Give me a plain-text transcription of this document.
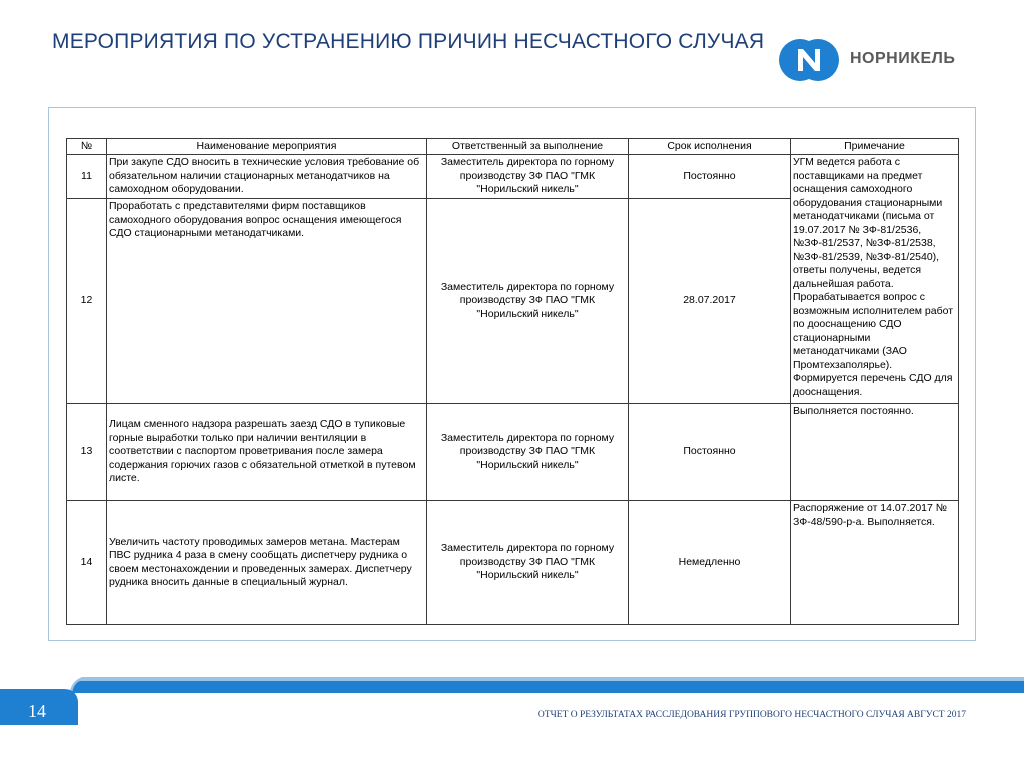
МЕРОПРИЯТИЯ ПО УСТРАНЕНИЮ ПРИЧИН НЕСЧАСТНОГО СЛУЧАЯ
НОРНИКЕЛЬ
№	Наименование мероприятия	Ответственный за выполнение	Срок исполнения	Примечание
11	При закупе СДО вносить в технические условия требование об обязательном наличии стационарных метанодатчиков на самоходном оборудовании.	Заместитель директора по горному производству ЗФ ПАО "ГМК "Норильский никель"	Постоянно	УГМ ведется работа с поставщиками на предмет оснащения самоходного оборудования стационарными метанодатчиками (письма от 19.07.2017 № ЗФ-81/2536, №ЗФ-81/2537, №ЗФ-81/2538, №ЗФ-81/2539, №ЗФ-81/2540), ответы получены, ведется дальнейшая работа. Прорабатывается вопрос с возможным исполнителем работ по дооснащению СДО стационарными метанодатчиками (ЗАО Промтехзаполярье). Формируется перечень СДО для дооснащения.
12	Проработать с представителями фирм поставщиков самоходного оборудования вопрос оснащения имеющегося СДО стационарными метанодатчиками.	Заместитель директора по горному производству ЗФ ПАО "ГМК "Норильский никель"	28.07.2017	
13	Лицам сменного надзора разрешать заезд СДО в тупиковые горные выработки только при наличии вентиляции в соответствии с паспортом проветривания после замера содержания горючих газов с обязательной отметкой в путевом листе.	Заместитель директора по горному производству ЗФ ПАО "ГМК "Норильский никель"	Постоянно	Выполняется постоянно.
14	Увеличить частоту проводимых замеров метана. Мастерам ПВС рудника 4 раза в смену сообщать диспетчеру рудника о своем местонахождении и проведенных замерах. Диспетчеру рудника вносить данные в специальный журнал.	Заместитель директора по горному производству ЗФ ПАО "ГМК "Норильский никель"	Немедленно	Распоряжение от 14.07.2017 № ЗФ-48/590-р-а. Выполняется.
14	ОТЧЕТ О РЕЗУЛЬТАТАХ РАССЛЕДОВАНИЯ ГРУППОВОГО НЕСЧАСТНОГО СЛУЧАЯ АВГУСТ 2017
